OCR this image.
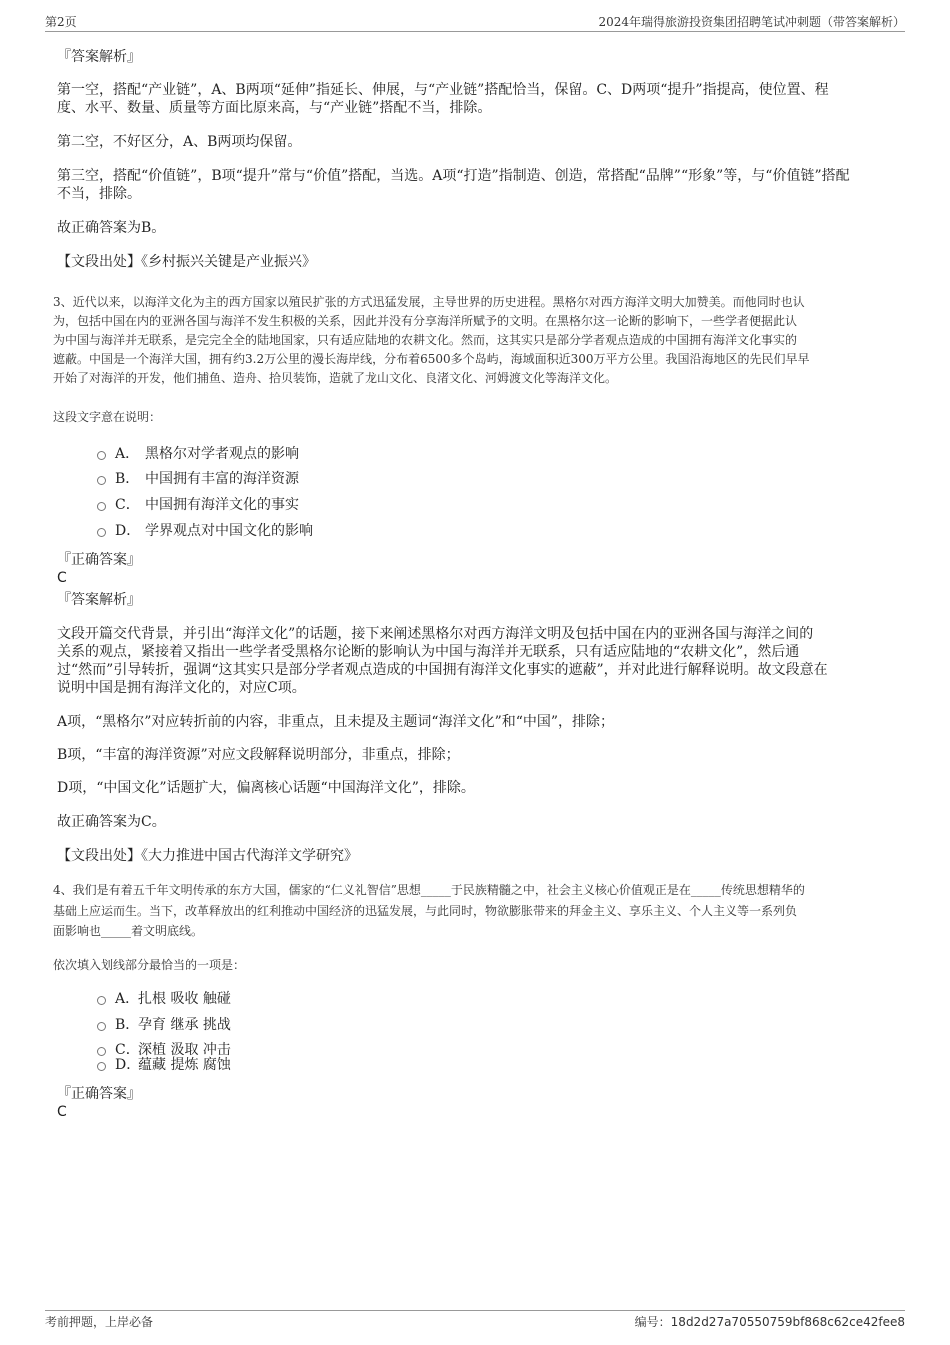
第2页	2024年瑞得旅游投资集团招聘笔试冲刺题（带答案解析）
『答案解析』
第一空，搭配“产业链”，A、B两项“延伸”指延长、伸展，与“产业链”搭配恰当，保留。C、D两项“提升”指提高，使位置、程
度、水平、数量、质量等方面比原来高，与“产业链”搭配不当，排除。
第二空，不好区分，A、B两项均保留。
第三空，搭配“价值链”，B项“提升”常与“价值”搭配，当选。A项“打造”指制造、创造，常搭配“品牌”“形象”等，与“价值链”搭配
不当，排除。
故正确答案为B。
【文段出处】《乡村振兴关键是产业振兴》
3、近代以来，以海洋文化为主的西方国家以殖民扩张的方式迅猛发展，主导世界的历史进程。黑格尔对西方海洋文明大加赞美。而他同时也认
为，包括中国在内的亚洲各国与海洋不发生积极的关系，因此并没有分享海洋所赋予的文明。在黑格尔这一论断的影响下，一些学者便据此认
为中国与海洋并无联系，是完完全全的陆地国家，只有适应陆地的农耕文化。然而，这其实只是部分学者观点造成的中国拥有海洋文化事实的
遮蔽。中国是一个海洋大国，拥有约3.2万公里的漫长海岸线，分布着6500多个岛屿，海域面积近300万平方公里。我国沿海地区的先民们早早
开始了对海洋的开发，他们捕鱼、造舟、拾贝装饰，造就了龙山文化、良渚文化、河姆渡文化等海洋文化。
这段文字意在说明：
A． 黑格尔对学者观点的影响
B． 中国拥有丰富的海洋资源
C． 中国拥有海洋文化的事实
D． 学界观点对中国文化的影响
『正确答案』
C
『答案解析』
文段开篇交代背景，并引出“海洋文化”的话题，接下来阐述黑格尔对西方海洋文明及包括中国在内的亚洲各国与海洋之间的
关系的观点，紧接着又指出一些学者受黑格尔论断的影响认为中国与海洋并无联系，只有适应陆地的“农耕文化”，然后通
过“然而”引导转折，强调“这其实只是部分学者观点造成的中国拥有海洋文化事实的遮蔽”，并对此进行解释说明。故文段意在
说明中国是拥有海洋文化的，对应C项。
A项，“黑格尔”对应转折前的内容，非重点，且未提及主题词“海洋文化”和“中国”，排除；
B项，“丰富的海洋资源”对应文段解释说明部分，非重点，排除；
D项，“中国文化”话题扩大，偏离核心话题“中国海洋文化”，排除。
故正确答案为C。
【文段出处】《大力推进中国古代海洋文学研究》
4、我们是有着五千年文明传承的东方大国，儒家的“仁义礼智信”思想_____于民族精髓之中，社会主义核心价值观正是在_____传统思想精华的
基础上应运而生。当下，改革释放出的红利推动中国经济的迅猛发展，与此同时，物欲膨胀带来的拜金主义、享乐主义、个人主义等一系列负
面影响也_____着文明底线。
依次填入划线部分最恰当的一项是：
A．
扎根 吸收 触碰
B．
孕育 继承 挑战
C．
深植 汲取 冲击
D．
蕴藏 提炼 腐蚀
『正确答案』
C
考前押题，上岸必备	编号：18d2d27a70550759bf868c62ce42fee8
